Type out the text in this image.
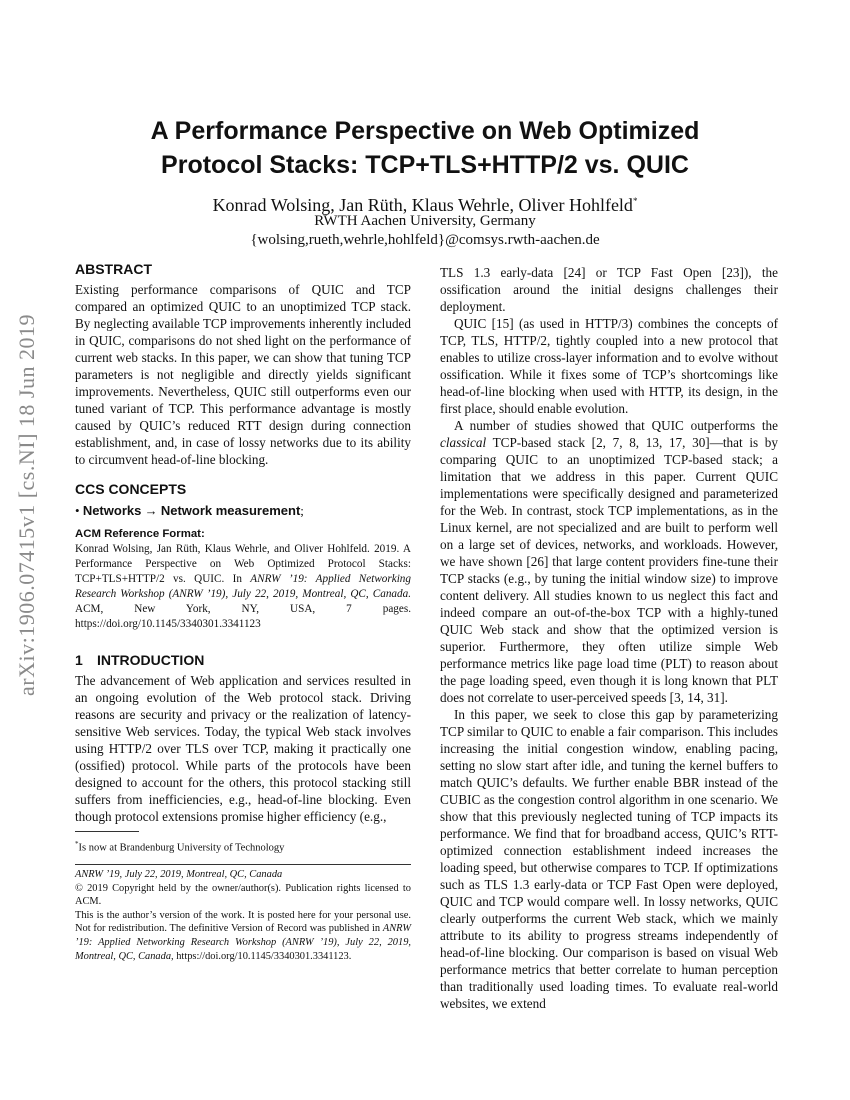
arXiv:1906.07415v1 [cs.NI] 18 Jun 2019
A Performance Perspective on Web Optimized
Protocol Stacks: TCP+TLS+HTTP/2 vs. QUIC
Konrad Wolsing, Jan Rüth, Klaus Wehrle, Oliver Hohlfeld*
RWTH Aachen University, Germany
{wolsing,rueth,wehrle,hohlfeld}@comsys.rwth-aachen.de
ABSTRACT

Existing performance comparisons of QUIC and TCP compared an optimized QUIC to an unoptimized TCP stack. By neglecting available TCP improvements inherently included in QUIC, comparisons do not shed light on the performance of current web stacks. In this paper, we can show that tuning TCP parameters is not negligible and directly yields significant improvements. Nevertheless, QUIC still outperforms even our tuned variant of TCP. This performance advantage is mostly caused by QUIC’s reduced RTT design during connection establishment, and, in case of lossy networks due to its ability to circumvent head-of-line blocking.

CCS CONCEPTS
• Networks → Network measurement;
ACM Reference Format:
Konrad Wolsing, Jan Rüth, Klaus Wehrle, and Oliver Hohlfeld. 2019. A Performance Perspective on Web Optimized Protocol Stacks: TCP+TLS+HTTP/2 vs. QUIC. In ANRW ’19: Applied Networking Research Workshop (ANRW ’19), July 22, 2019, Montreal, QC, Canada. ACM, New York, NY, USA, 7 pages. https://doi.org/10.1145/3340301.3341123
1 INTRODUCTION

The advancement of Web application and services resulted in an ongoing evolution of the Web protocol stack. Driving reasons are security and privacy or the realization of latency-sensitive Web services. Today, the typical Web stack involves using HTTP/2 over TLS over TCP, making it practically one (ossified) protocol. While parts of the protocols have been designed to account for the others, this protocol stacking still suffers from inefficiencies, e.g., head-of-line blocking. Even though protocol extensions promise higher efficiency (e.g.,

*Is now at Brandenburg University of Technology

ANRW ’19, July 22, 2019, Montreal, QC, Canada

© 2019 Copyright held by the owner/author(s). Publication rights licensed to ACM.

This is the author’s version of the work. It is posted here for your personal use. Not for redistribution. The definitive Version of Record was published in ANRW ’19: Applied Networking Research Workshop (ANRW ’19), July 22, 2019, Montreal, QC, Canada, https://doi.org/10.1145/3340301.3341123.

TLS 1.3 early-data [24] or TCP Fast Open [23]), the ossification around the initial designs challenges their deployment.

QUIC [15] (as used in HTTP/3) combines the concepts of TCP, TLS, HTTP/2, tightly coupled into a new protocol that enables to utilize cross-layer information and to evolve without ossification. While it fixes some of TCP’s shortcomings like head-of-line blocking when used with HTTP, its design, in the first place, should enable evolution.

A number of studies showed that QUIC outperforms the classical TCP-based stack [2, 7, 8, 13, 17, 30]—that is by comparing QUIC to an unoptimized TCP-based stack; a limitation that we address in this paper. Current QUIC implementations were specifically designed and parameterized for the Web. In contrast, stock TCP implementations, as in the Linux kernel, are not specialized and are built to perform well on a large set of devices, networks, and workloads. However, we have shown [26] that large content providers fine-tune their TCP stacks (e.g., by tuning the initial window size) to improve content delivery. All studies known to us neglect this fact and indeed compare an out-of-the-box TCP with a highly-tuned QUIC Web stack and show that the optimized version is superior. Furthermore, they often utilize simple Web performance metrics like page load time (PLT) to reason about the page loading speed, even though it is long known that PLT does not correlate to user-perceived speeds [3, 14, 31].

In this paper, we seek to close this gap by parameterizing TCP similar to QUIC to enable a fair comparison. This includes increasing the initial congestion window, enabling pacing, setting no slow start after idle, and tuning the kernel buffers to match QUIC’s defaults. We further enable BBR instead of the CUBIC as the congestion control algorithm in one scenario. We show that this previously neglected tuning of TCP impacts its performance. We find that for broadband access, QUIC’s RTT-optimized connection establishment indeed increases the loading speed, but otherwise compares to TCP. If optimizations such as TLS 1.3 early-data or TCP Fast Open were deployed, QUIC and TCP would compare well. In lossy networks, QUIC clearly outperforms the current Web stack, which we mainly attribute to its ability to progress streams independently of head-of-line blocking. Our comparison is based on visual Web performance metrics that better correlate to human perception than traditionally used loading times. To evaluate real-world websites, we extend
